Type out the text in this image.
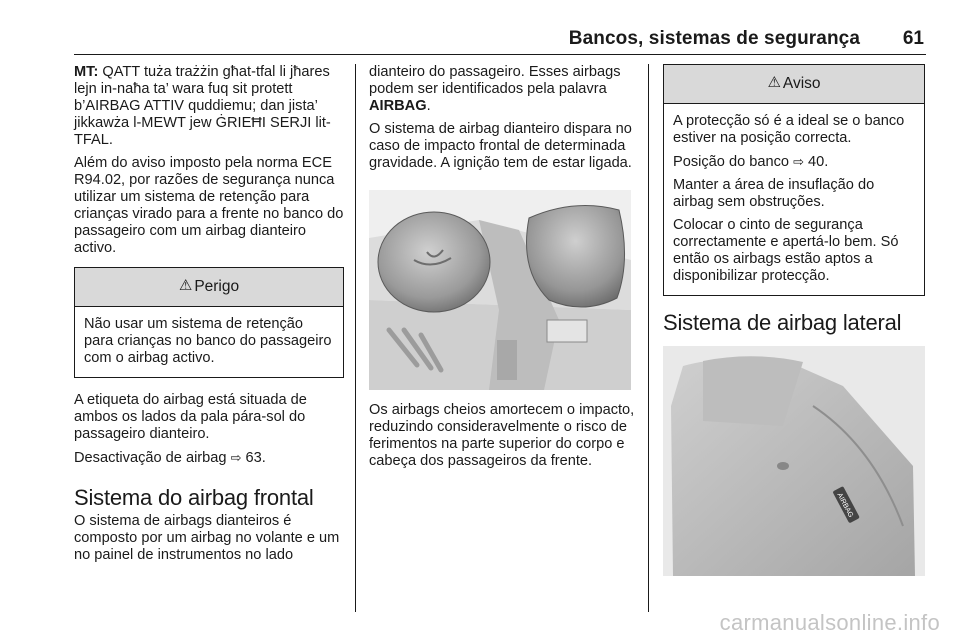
Bancos, sistemas de segurança	61

MT: QATT tuża trażżin għat-tfal li jħares lejn in-naħa ta’ wara fuq sit protett b’AIRBAG ATTIV quddiemu; dan jista’ jikkawża l-MEWT jew ĠRIEĦI SERJI lit-TFAL.

Além do aviso imposto pela norma ECE R94.02, por razões de segurança nunca utilizar um sistema de retenção para crianças virado para a frente no banco do passageiro com um airbag dianteiro activo.

⚠ Perigo

Não usar um sistema de retenção para crianças no banco do passageiro com o airbag activo.

A etiqueta do airbag está situada de ambos os lados da pala pára-sol do passageiro dianteiro.

Desactivação de airbag ⇨ 63.

Sistema do airbag frontal

O sistema de airbags dianteiros é composto por um airbag no volante e um no painel de instrumentos no lado

dianteiro do passageiro. Esses airbags podem ser identificados pela palavra AIRBAG.

O sistema de airbag dianteiro dispara no caso de impacto frontal de determinada gravidade. A ignição tem de estar ligada.

Os airbags cheios amortecem o impacto, reduzindo consideravelmente o risco de ferimentos na parte superior do corpo e cabeça dos passageiros da frente.

⚠ Aviso

A protecção só é a ideal se o banco estiver na posição correcta.

Posição do banco ⇨ 40.

Manter a área de insuflação do airbag sem obstruções.

Colocar o cinto de segurança correctamente e apertá-lo bem. Só então os airbags estão aptos a disponibilizar protecção.

Sistema de airbag lateral
AIRBAG
carmanualsonline.info
